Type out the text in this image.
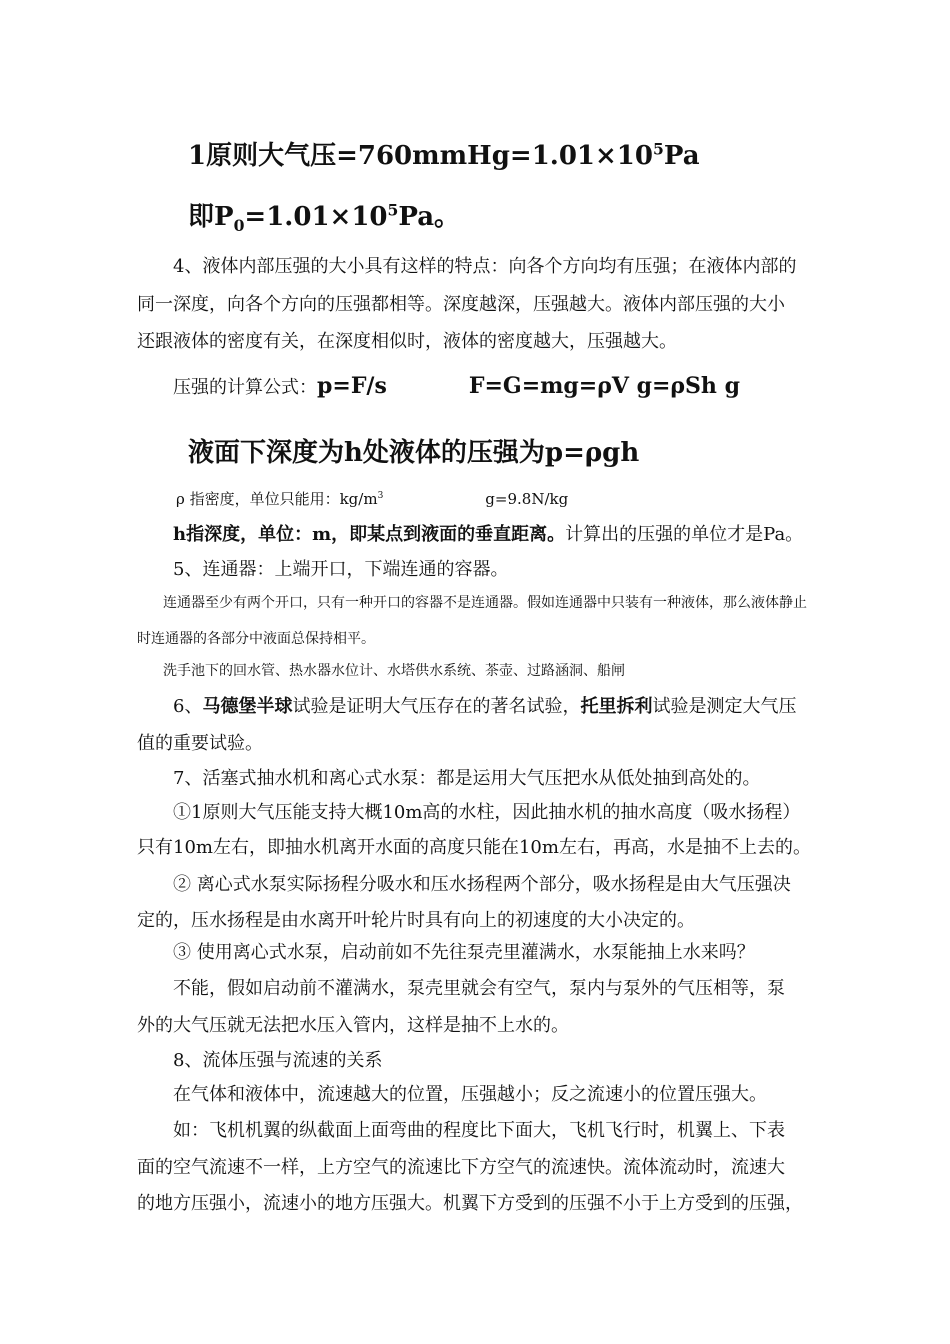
1原则大气压$=760mmHg=1.01\times 10^5Pa$
即$P_0=1.01\times 10^5Pa$。
4、液体内部压强的大小具有这样的特点：向各个方向均有压强；在液体内部的
同一深度，向各个方向的压强都相等。深度越深，压强越大。液体内部压强的大小
还跟液体的密度有关，在深度相似时，液体的密度越大，压强越大。
压强的计算公式：p=F/s	F=G=mg=ρV g=ρSh g
液面下深度为h处液体的压强为p=ρgh
ρ 指密度，单位只能用：$kg/m^3$	g=9.8N/kg
h指深度，单位：m，即某点到液面的垂直距离。计算出的压强的单位才是Pa。
5、连通器：上端开口，下端连通的容器。
连通器至少有两个开口，只有一种开口的容器不是连通器。假如连通器中只装有一种液体，那么液体静止
时连通器的各部分中液面总保持相平。
洗手池下的回水管、热水器水位计、水塔供水系统、茶壶、过路涵洞、船闸
6、马德堡半球试验是证明大气压存在的著名试验，托里拆利试验是测定大气压
值的重要试验。
7、活塞式抽水机和离心式水泵：都是运用大气压把水从低处抽到高处的。
①1原则大气压能支持大概10m高的水柱，因此抽水机的抽水高度（吸水扬程）
只有10m左右，即抽水机离开水面的高度只能在10m左右，再高，水是抽不上去的。
② 离心式水泵实际扬程分吸水和压水扬程两个部分，吸水扬程是由大气压强决
定的，压水扬程是由水离开叶轮片时具有向上的初速度的大小决定的。
③ 使用离心式水泵，启动前如不先往泵壳里灌满水，水泵能抽上水来吗？
不能，假如启动前不灌满水，泵壳里就会有空气，泵内与泵外的气压相等，泵
外的大气压就无法把水压入管内，这样是抽不上水的。
8、流体压强与流速的关系
在气体和液体中，流速越大的位置，压强越小；反之流速小的位置压强大。
如：飞机机翼的纵截面上面弯曲的程度比下面大，飞机飞行时，机翼上、下表
面的空气流速不一样，上方空气的流速比下方空气的流速快。流体流动时，流速大
的地方压强小，流速小的地方压强大。机翼下方受到的压强不小于上方受到的压强，
